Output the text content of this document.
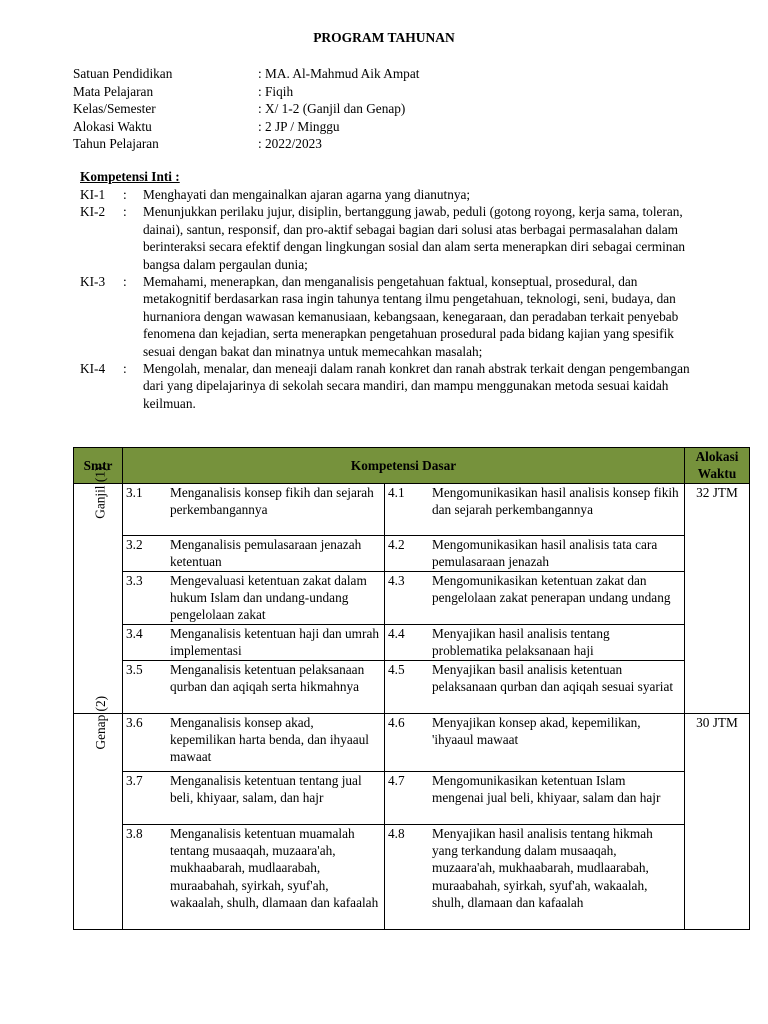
PROGRAM TAHUNAN
Satuan Pendidikan	: MA. Al-Mahmud Aik Ampat
Mata Pelajaran	: Fiqih
Kelas/Semester	: X/ 1-2 (Ganjil dan Genap)
Alokasi Waktu	: 2 JP / Minggu
Tahun Pelajaran	: 2022/2023
Kompetensi Inti :
KI-1	:	Menghayati dan mengainalkan ajaran agarna yang dianutnya;
KI-2	:	Menunjukkan perilaku jujur, disiplin, bertanggung jawab, peduli (gotong royong, kerja sama, toleran, dainai), santun, responsif, dan pro-aktif sebagai bagian dari solusi atas berbagai permasalahan dalam berinteraksi secara efektif dengan lingkungan sosial dan alam serta menerapkan diri sebagai cerminan bangsa dalam pergaulan dunia;
KI-3	:	Memahami, menerapkan, dan menganalisis pengetahuan faktual, konseptual, prosedural, dan metakognitif berdasarkan rasa ingin tahunya tentang ilmu pengetahuan, teknologi, seni, budaya, dan hurnaniora dengan wawasan kemanusiaan, kebangsaan, kenegaraan, dan peradaban terkait penyebab fenomena dan kejadian, serta menerapkan pengetahuan prosedural pada bidang kajian yang spesifik sesuai dengan bakat dan minatnya untuk memecahkan masalah;
KI-4	:	Mengolah, menalar, dan meneaji dalam ranah konkret dan ranah abstrak terkait dengan pengembangan dari yang dipelajarinya di sekolah secara mandiri, dan mampu menggunakan metoda sesuai kaidah keilmuan.
Smtr	Kompetensi Dasar		Alokasi Waktu
Ganjil (1)	3.1 Menganalisis konsep fikih dan sejarah perkembangannya	4.1 Mengomunikasikan hasil analisis konsep fikih dan sejarah perkembangannya	32 JTM

	3.2 Menganalisis pemulasaraan jenazah ketentuan	4.2 Mengomunikasikan hasil analisis tata cara pemulasaraan jenazah	

	3.3 Mengevaluasi ketentuan zakat dalam hukum Islam dan undang-undang pengelolaan zakat	4.3 Mengomunikasikan ketentuan zakat dan pengelolaan zakat penerapan undang undang	

	3.4 Menganalisis ketentuan haji dan umrah implementasi	4.4 Menyajikan hasil analisis tentang problematika pelaksanaan haji	

	3.5 Menganalisis ketentuan pelaksanaan qurban dan aqiqah serta hikmahnya	4.5 Menyajikan basil analisis ketentuan pelaksanaan qurban dan aqiqah sesuai syariat	

Genap (2)	3.6 Menganalisis konsep akad, kepemilikan harta benda, dan ihyaaul mawaat	4.6 Menyajikan konsep akad, kepemilikan, 'ihyaaul mawaat	30 JTM

	3.7 Menganalisis ketentuan tentang jual beli, khiyaar, salam, dan hajr	4.7 Mengomunikasikan ketentuan Islam mengenai jual beli, khiyaar, salam dan hajr	

	3.8 Menganalisis ketentuan muamalah tentang musaaqah, muzaara'ah, mukhaabarah, mudlaarabah, muraabahah, syirkah, syuf'ah, wakaalah, shulh, dlamaan dan kafaalah	4.8 Menyajikan hasil analisis tentang hikmah yang terkandung dalam musaaqah, muzaara'ah, mukhaabarah, mudlaarabah, muraabahah, syirkah, syuf'ah, wakaalah, shulh, dlamaan dan kafaalah	
